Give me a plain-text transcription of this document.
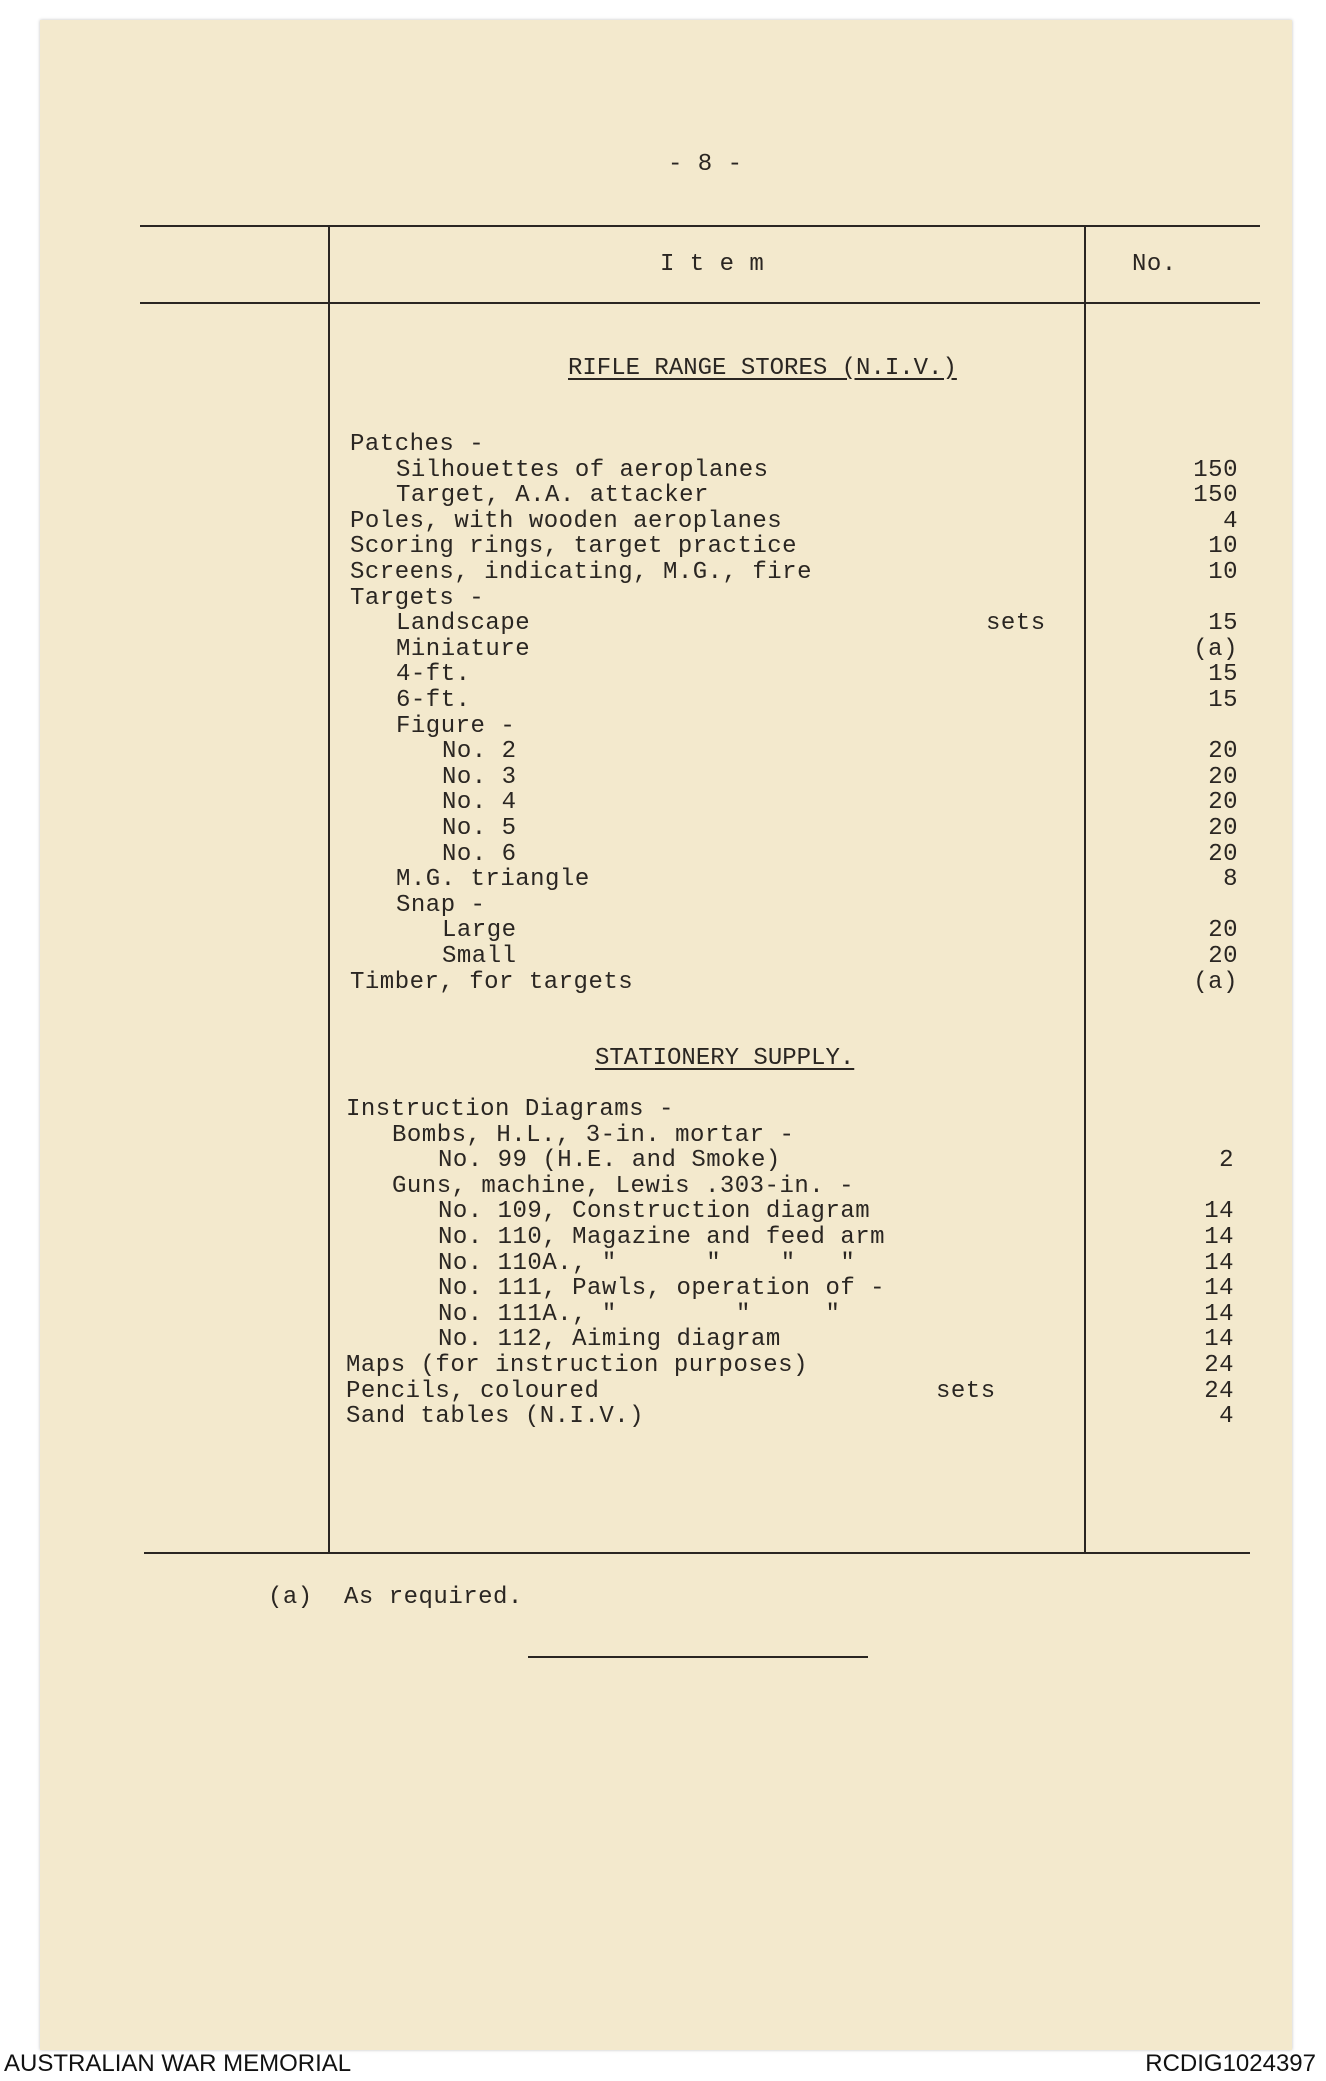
- 8 -
I t e m	No.
RIFLE RANGE STORES (N.I.V.)
Patches -
Silhouettes of aeroplanes	150
Target, A.A. attacker	150
Poles, with wooden aeroplanes	4
Scoring rings, target practice	10
Screens, indicating, M.G., fire	10
Targets -
Landscape	sets	15
Miniature	(a)
4-ft.	15
6-ft.	15
Figure -
No. 2	20
No. 3	20
No. 4	20
No. 5	20
No. 6	20
M.G. triangle	8
Snap -
Large	20
Small	20
Timber, for targets	(a)
STATIONERY SUPPLY.
Instruction Diagrams -
Bombs, H.L., 3-in. mortar -
No. 99 (H.E. and Smoke)	2
Guns, machine, Lewis .303-in. -
No. 109, Construction diagram	14
No. 110, Magazine and feed arm	14
No. 110A., "      "    "   "	14
No. 111, Pawls, operation of -	14
No. 111A., "        "     "	14
No. 112, Aiming diagram	14
Maps (for instruction purposes)	24
Pencils, coloured	sets	24
Sand tables (N.I.V.)	4
(a) As required.
AUSTRALIAN WAR MEMORIAL	RCDIG1024397
